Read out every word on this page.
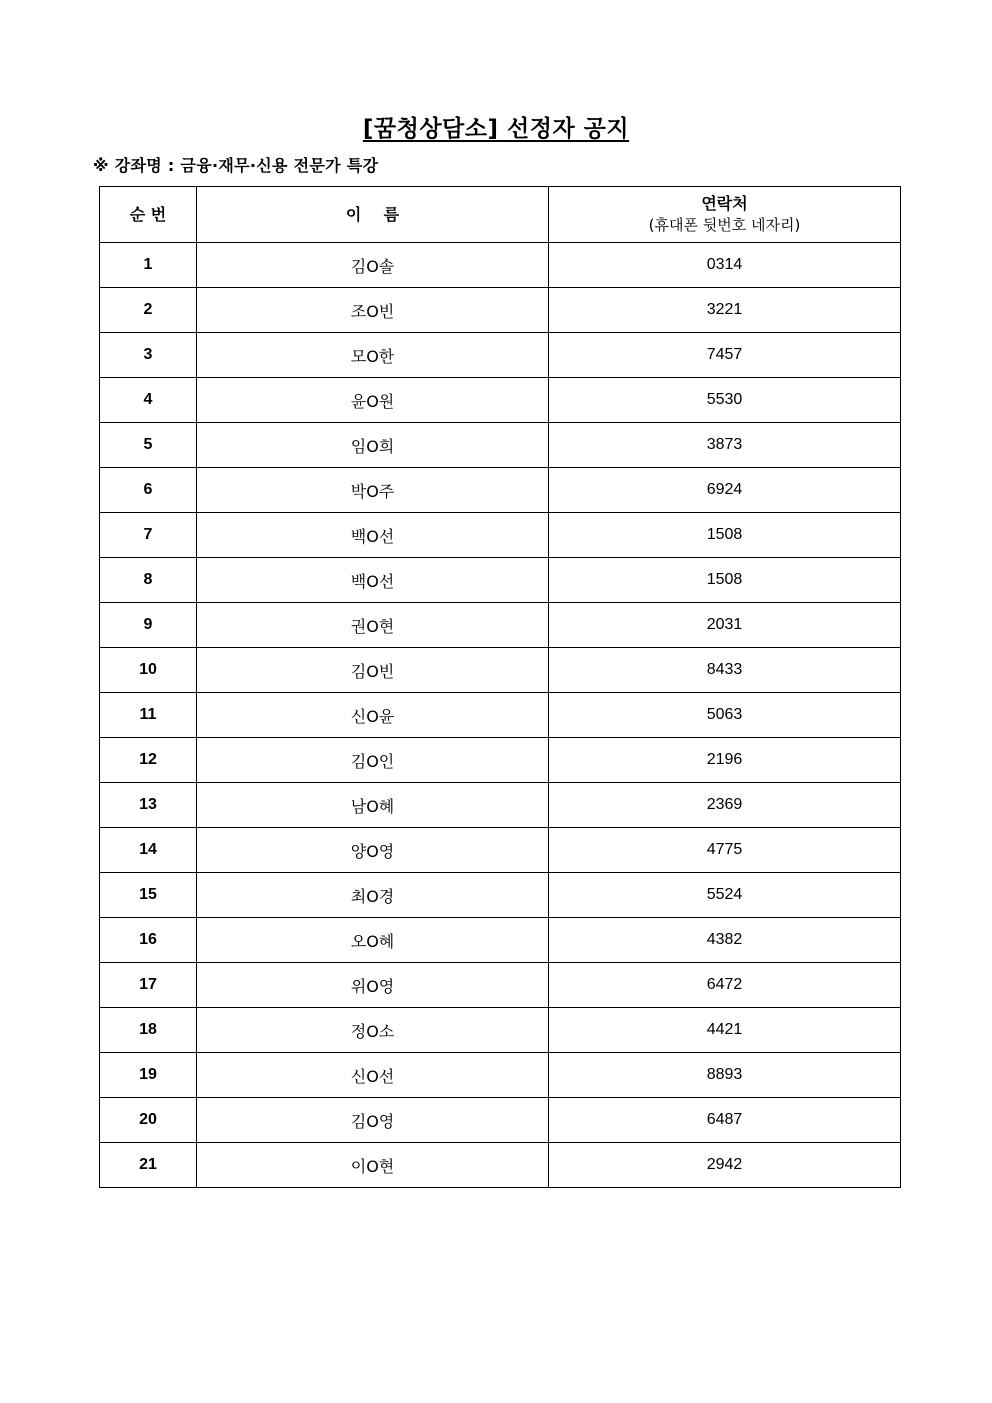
[꿈청상담소] 선정자 공지
※ 강좌명 : 금융·재무·신용 전문가 특강
순 번	이    름	연락처
(휴대폰 뒷번호 네자리)

1	김O솔	0314
2	조O빈	3221
3	모O한	7457
4	윤O원	5530
5	임O희	3873
6	박O주	6924
7	백O선	1508
8	백O선	1508
9	권O현	2031
10	김O빈	8433
11	신O윤	5063
12	김O인	2196
13	남O혜	2369
14	양O영	4775
15	최O경	5524
16	오O혜	4382
17	위O영	6472
18	정O소	4421
19	신O선	8893
20	김O영	6487
21	이O현	2942
